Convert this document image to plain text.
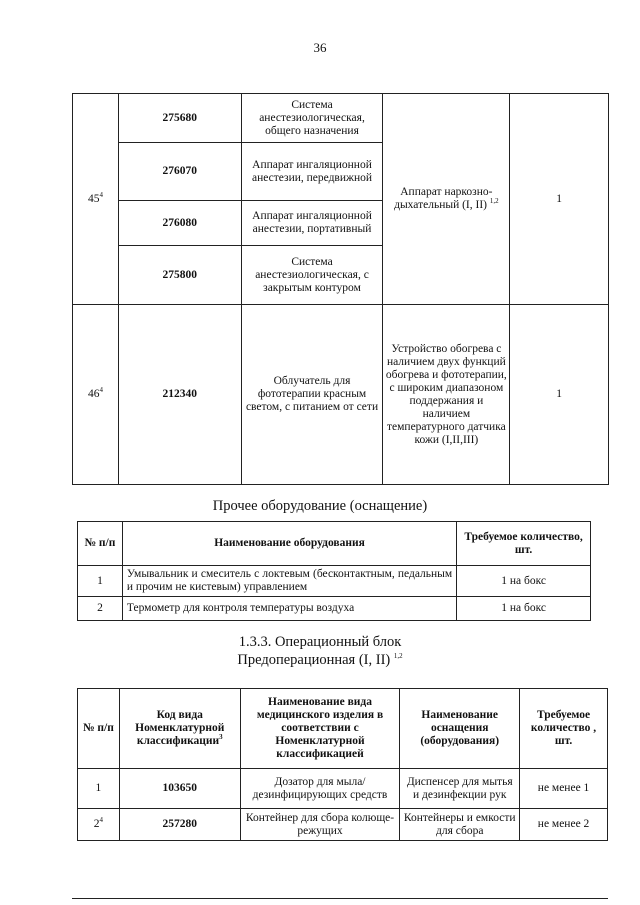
36
$45^4$	275680	Система анестезиологическая, общего назначения	Аппарат наркозно-дыхательный (I, II) $^{1,2}$	1
	276070	Аппарат ингаляционной анестезии, передвижной		
	276080	Аппарат ингаляционной анестезии, портативный		
	275800	Система анестезиологическая, с закрытым контуром		
$46^4$	212340	Облучатель для фототерапии красным светом, с питанием от сети	Устройство обогрева с наличием двух функций обогрева и фототерапии, с широким диапазоном поддержания и наличием температурного датчика кожи (I,II,III)	1
Прочее оборудование (оснащение)
№ п/п	Наименование оборудования	Требуемое количество, шт.
1	Умывальник и смеситель с локтевым (бесконтактным, педальным и прочим не кистевым) управлением	1 на бокс
2	Термометр для контроля температуры воздуха	1 на бокс
1.3.3. Операционный блок
Предоперационная (I, II) $^{1,2}$
№ п/п	Код вида Номенклатурной классификации$^3$	Наименование вида медицинского изделия в соответствии с Номенклатурной классификацией	Наименование оснащения (оборудования)	Требуемое количество , шт.
1	103650	Дозатор для мыла/ дезинфицирующих средств	Диспенсер для мытья и дезинфекции рук	не менее 1
$2^4$	257280	Контейнер для сбора колюще-режущих	Контейнеры и емкости для сбора	не менее 2
